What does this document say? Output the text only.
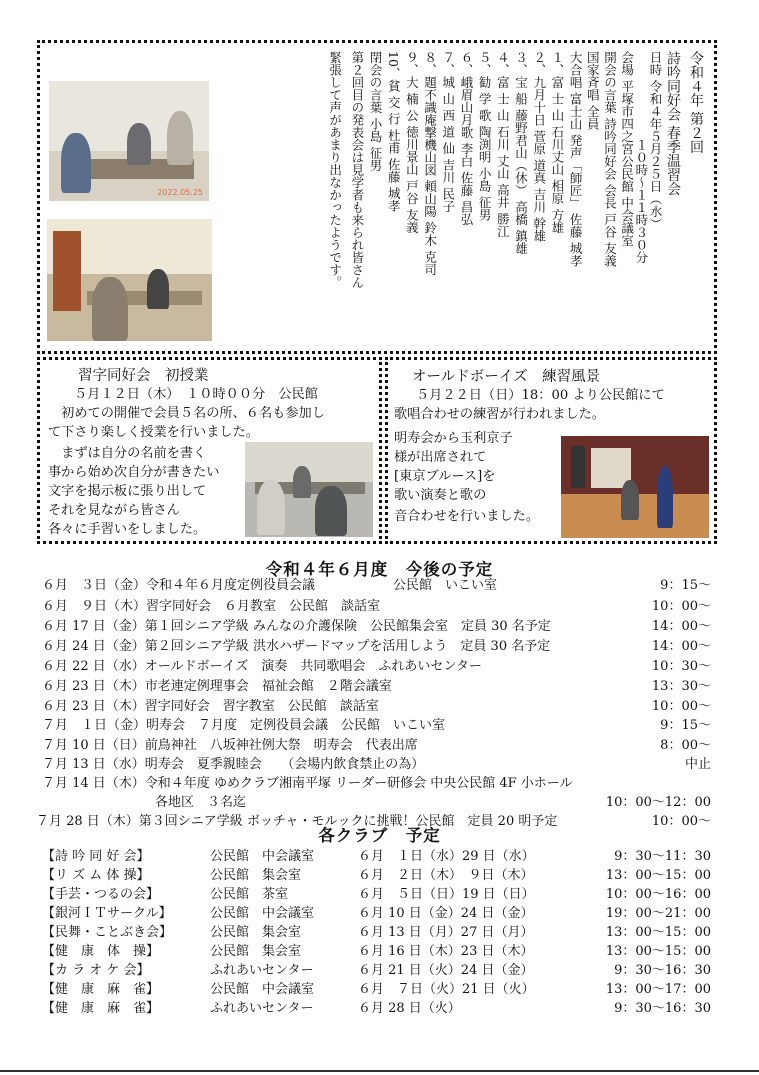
2022.05.25
令和４年 第２回
詩吟同好会 春季温習会
日時 令和４年５月２５日（水）
　　　　　　　１０時～１１時３０分
会場 平塚市四之宮公民館 中会議室
開会の言葉 詩吟同好会 会長 戸谷 友義
国家斉唱 全員
大合唱 富士山 発声「師匠」 佐藤 城孝
１、富 士 山 石川丈山 相原 方雄
２、九月十日 菅原 道真 吉川 幹雄
３、宝 船 藤野君山（休） 高橋 鎮雄
４、富 士 山 石川 丈山 高井 勝江
５、勧 学 歌 陶渕明 小島 征男
６、峨眉山月歌 李白 佐藤 昌弘
７、城 山 西 道 仙 吉川 民子
８、題不識庵撃機山図 頼山陽 鈴木 克司
９、大 楠 公 徳川景山 戸谷 友義
10、貧 交 行 杜甫 佐藤 城孝
閉会の言葉 小島 征男
第２回目の発表会は見学者も来られ皆さん
緊張して声があまり出なかったようです。
習字同好会　初授業
５月１２日（木）　１０時００分　公民館
　初めての開催で会員５名の所、６名も参加し
て下さり楽しく授業を行いました。
　まずは自分の名前を書く
事から始め次自分が書きたい
文字を掲示板に張り出して
それを見ながら皆さん
各々に手習いをしました。
オールドボーイズ　練習風景
５月２２日（日）18：00 より公民館にて
歌唱合わせの練習が行われました。
明寿会から玉利京子
様が出席されて
[東京ブルース]を
歌い演奏と歌の
音合わせを行いました。
令和４年６月度　今後の予定
６月　３日（金）令和４年６月度定例役員会議　　　　　　公民館　いこい室	9：15～
６月　９日（木）習字同好会　６月教室　公民館　談話室	10：00～
６月 17 日（金）第１回シニア学級 みんなの介護保険　公民館集会室　定員 30 名予定	14：00～
６月 24 日（金）第２回シニア学級 洪水ハザードマップを活用しよう　定員 30 名予定	14：00～
６月 22 日（水）オールドボーイズ　演奏　共同歌唱会　ふれあいセンター	10：30～
６月 23 日（木）市老連定例理事会　福祉会館　２階会議室	13：30～
６月 23 日（木）習字同好会　習字教室　公民館　談話室	10：00～
７月　１日（金）明寿会　７月度　定例役員会議　公民館　いこい室	9：15～
７月 10 日（日）前鳥神社　八坂神社例大祭　明寿会　代表出席	8：00～
７月 13 日（水）明寿会　夏季親睦会　　（会場内飲食禁止の為）	中止
７月 14 日（木）令和４年度 ゆめクラブ湘南平塚 リーダー研修会 中央公民館 4F 小ホール
各地区　３名迄	10：00～12：00
７月 28 日（木）第３回シニア学級 ボッチャ・モルックに挑戦！公民館　定員 20 明予定	10：00～
各クラブ　予定
【詩 吟 同 好 会】	公民館　中会議室	６月　１日（水）29 日（水）	9：30～11：30
【リ ズ ム 体 操】	公民館　集会室	６月　２日（木）　９日（木）	13：00～15：00
【手芸・つるの会】	公民館　茶室	６月　５日（日）19 日（日）	10：00～16：00
【銀河ＩＴサークル】	公民館　中会議室	６月 10 日（金）24 日（金）	19：00～21：00
【民舞・ことぶき会】	公民館　集会室	６月 13 日（月）27 日（月）	13：00～15：00
【健　康　体　操】	公民館　集会室	６月 16 日（木）23 日（木）	13：00～15：00
【カ ラ オ ケ 会】	ふれあいセンター	６月 21 日（火）24 日（金）	9：30～16：30
【健　康　麻　雀】	公民館　中会議室	６月　７日（火）21 日（火）	13：00～17：00
【健　康　麻　雀】	ふれあいセンター	６月 28 日（火）	9：30～16：30
